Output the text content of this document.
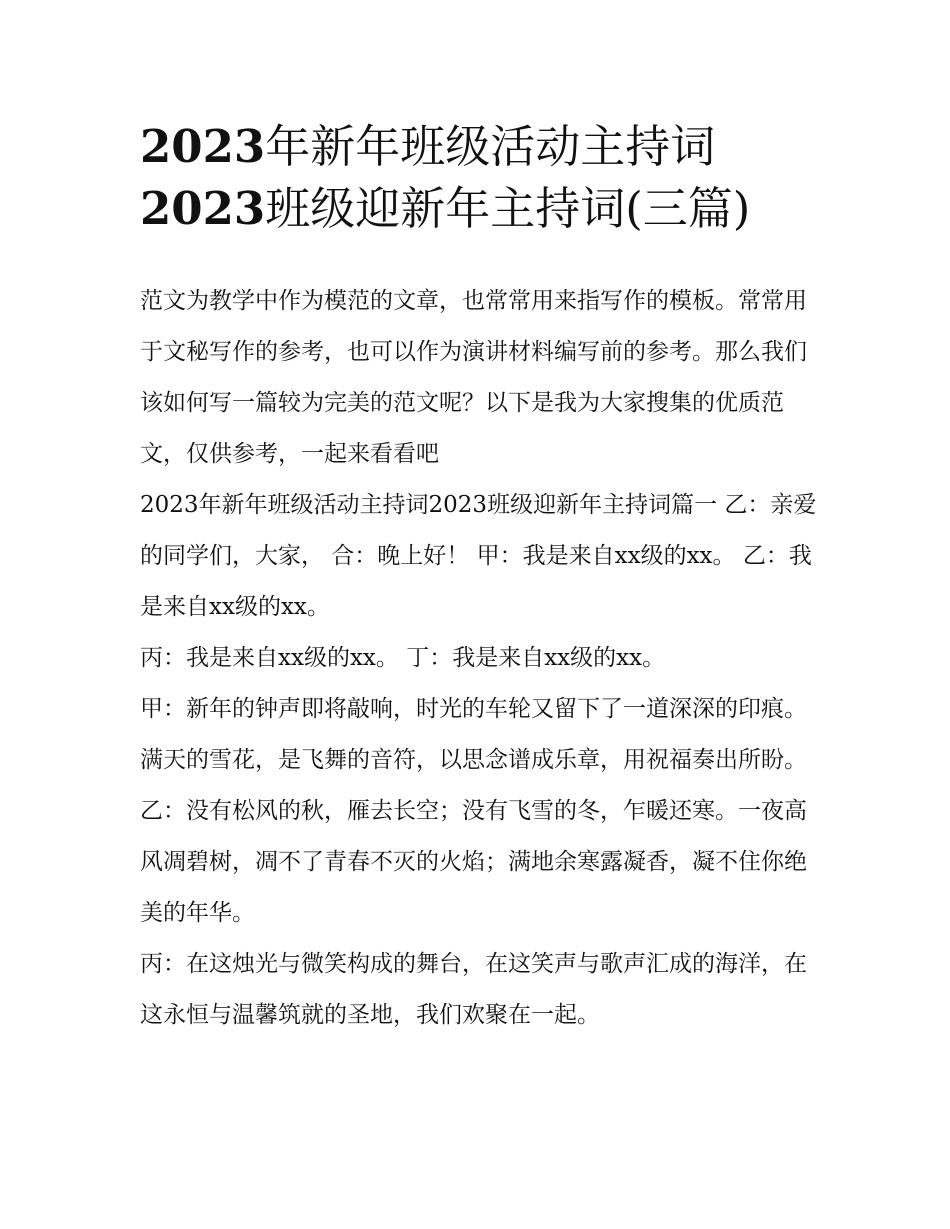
2023年新年班级活动主持词
2023班级迎新年主持词(三篇)

范文为教学中作为模范的文章，也常常用来指写作的模板。常常用于文秘写作的参考，也可以作为演讲材料编写前的参考。那么我们该如何写一篇较为完美的范文呢？以下是我为大家搜集的优质范文，仅供参考，一起来看看吧

2023年新年班级活动主持词2023班级迎新年主持词篇一 乙：亲爱的同学们，大家， 合：晚上好！ 甲：我是来自xx级的xx。 乙：我是来自xx级的xx。

丙：我是来自xx级的xx。 丁：我是来自xx级的xx。

甲：新年的钟声即将敲响，时光的车轮又留下了一道深深的印痕。满天的雪花，是飞舞的音符，以思念谱成乐章，用祝福奏出所盼。

乙：没有松风的秋，雁去长空；没有飞雪的冬，乍暖还寒。一夜高风凋碧树，凋不了青春不灭的火焰；满地余寒露凝香，凝不住你绝美的年华。

丙：在这烛光与微笑构成的舞台，在这笑声与歌声汇成的海洋，在这永恒与温馨筑就的圣地，我们欢聚在一起。
